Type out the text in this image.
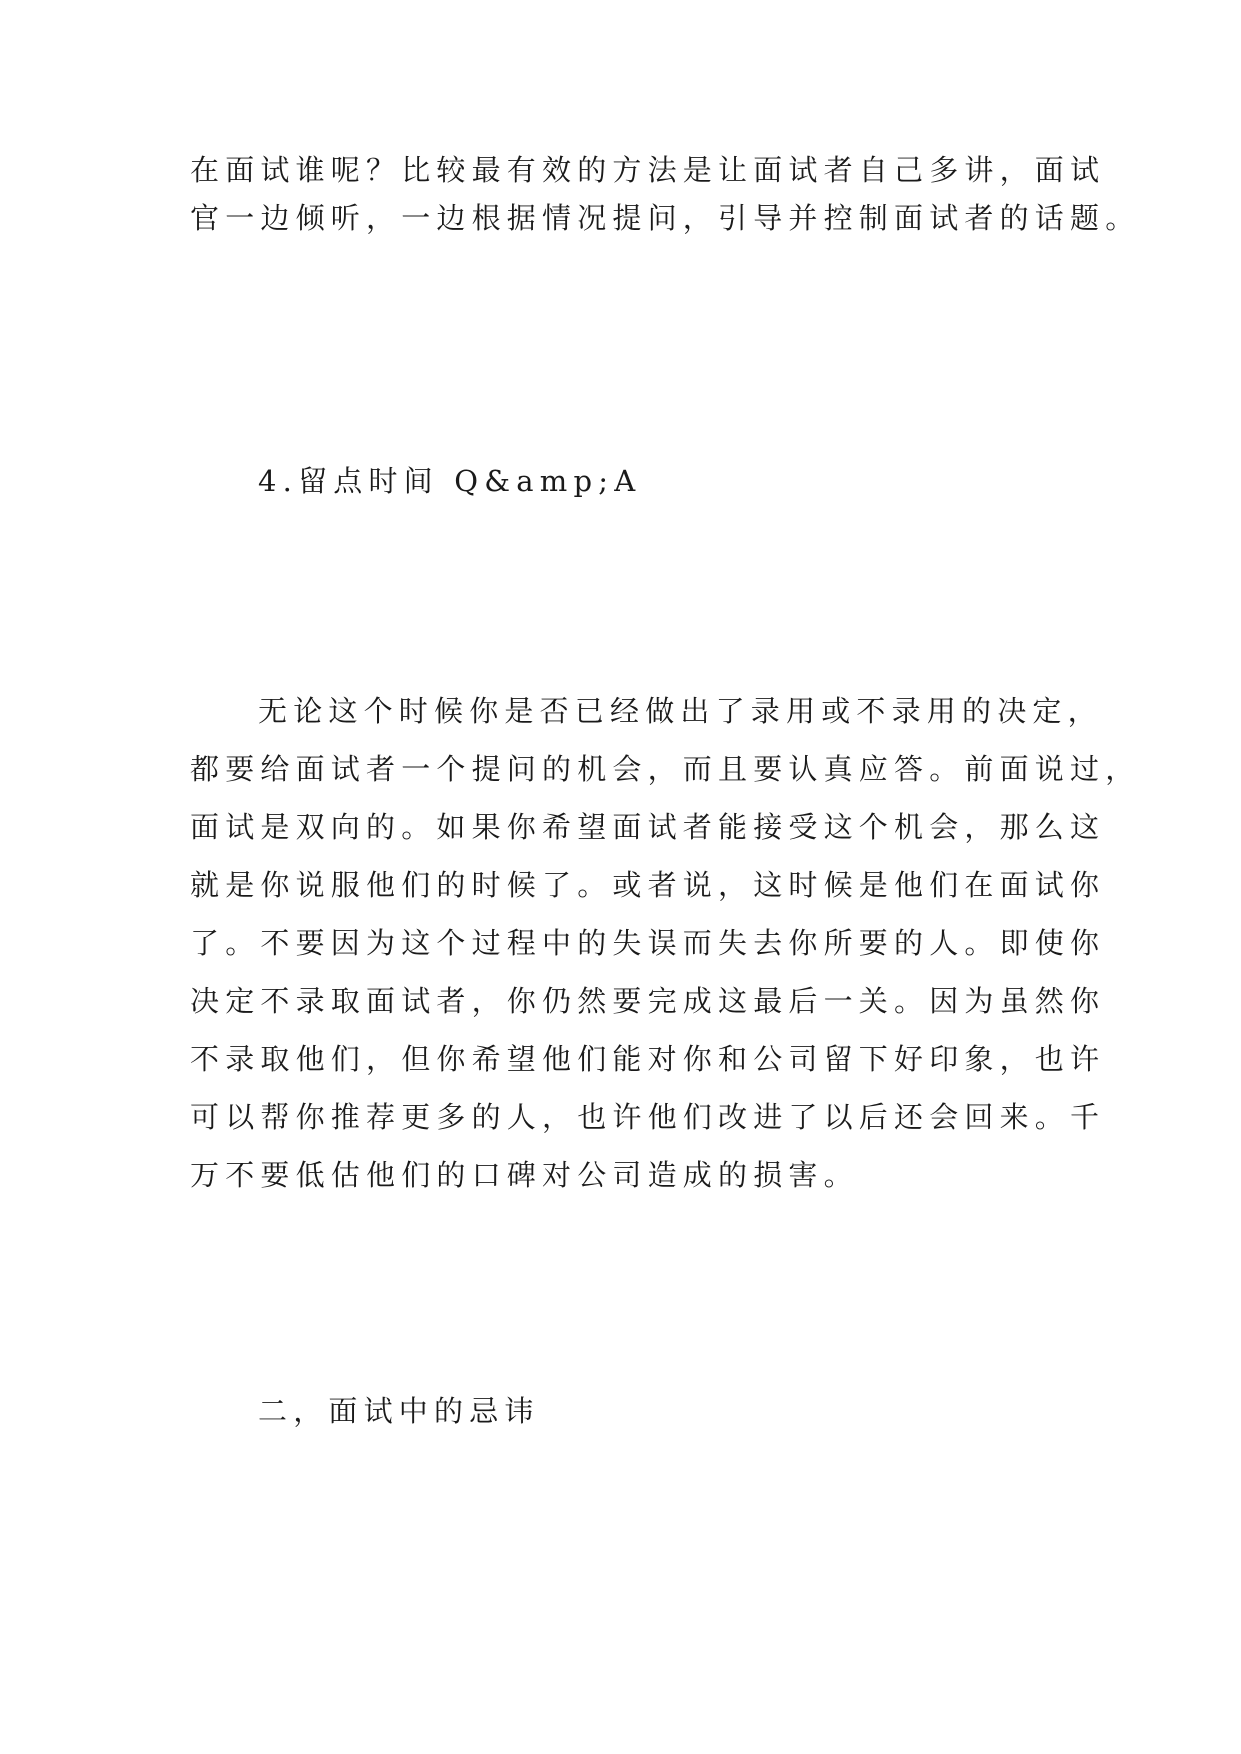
在面试谁呢？比较最有效的方法是让面试者自己多讲，面试

官一边倾听，一边根据情况提问，引导并控制面试者的话题。

4.留点时间 Q&amp;A

无论这个时候你是否已经做出了录用或不录用的决定，

都要给面试者一个提问的机会，而且要认真应答。前面说过，

面试是双向的。如果你希望面试者能接受这个机会，那么这

就是你说服他们的时候了。或者说，这时候是他们在面试你

了。不要因为这个过程中的失误而失去你所要的人。即使你

决定不录取面试者，你仍然要完成这最后一关。因为虽然你

不录取他们，但你希望他们能对你和公司留下好印象，也许

可以帮你推荐更多的人，也许他们改进了以后还会回来。千

万不要低估他们的口碑对公司造成的损害。

二，面试中的忌讳
